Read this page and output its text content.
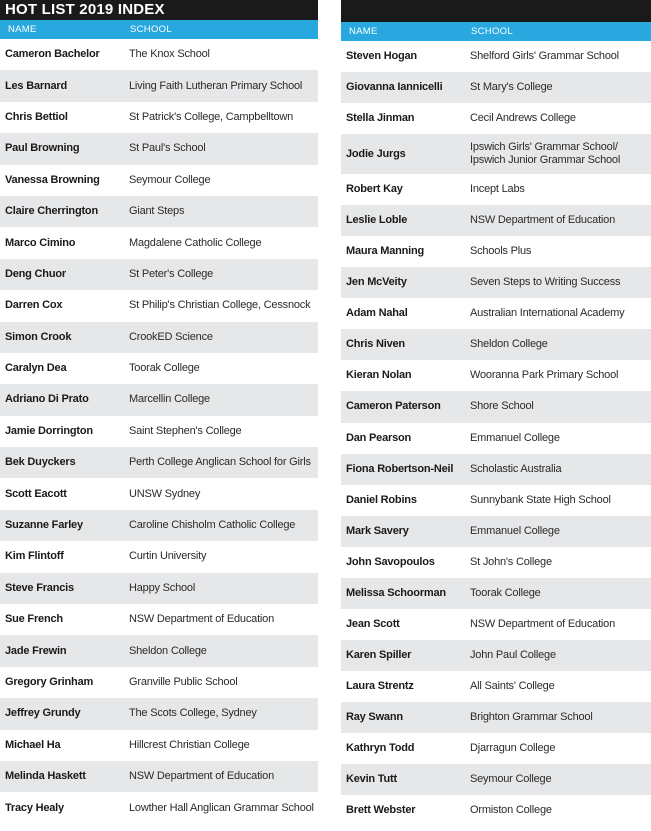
HOT LIST 2019 INDEX
NAME	SCHOOL
Cameron Bachelor	The Knox School
Les Barnard	Living Faith Lutheran Primary School
Chris Bettiol	St Patrick's College, Campbelltown
Paul Browning	St Paul's School
Vanessa Browning	Seymour College
Claire Cherrington	Giant Steps
Marco Cimino	Magdalene Catholic College
Deng Chuor	St Peter's College
Darren Cox	St Philip's Christian College, Cessnock
Simon Crook	CrookED Science
Caralyn Dea	Toorak College
Adriano Di Prato	Marcellin College
Jamie Dorrington	Saint Stephen's College
Bek Duyckers	Perth College Anglican School for Girls
Scott Eacott	UNSW Sydney
Suzanne Farley	Caroline Chisholm Catholic College
Kim Flintoff	Curtin University
Steve Francis	Happy School
Sue French	NSW Department of Education
Jade Frewin	Sheldon College
Gregory Grinham	Granville Public School
Jeffrey Grundy	The Scots College, Sydney
Michael Ha	Hillcrest Christian College
Melinda Haskett	NSW Department of Education
Tracy Healy	Lowther Hall Anglican Grammar School
NAME	SCHOOL
Steven Hogan	Shelford Girls' Grammar School
Giovanna Iannicelli	St Mary's College
Stella Jinman	Cecil Andrews College
Jodie Jurgs
Ipswich Girls' Grammar School/
Ipswich Junior Grammar School
Robert Kay	Incept Labs
Leslie Loble	NSW Department of Education
Maura Manning	Schools Plus
Jen McVeity	Seven Steps to Writing Success
Adam Nahal	Australian International Academy
Chris Niven	Sheldon College
Kieran Nolan	Wooranna Park Primary School
Cameron Paterson	Shore School
Dan Pearson	Emmanuel College
Fiona Robertson-Neil	Scholastic Australia
Daniel Robins	Sunnybank State High School
Mark Savery	Emmanuel College
John Savopoulos	St John's College
Melissa Schoorman	Toorak College
Jean Scott	NSW Department of Education
Karen Spiller	John Paul College
Laura Strentz	All Saints' College
Ray Swann	Brighton Grammar School
Kathryn Todd	Djarragun College
Kevin Tutt	Seymour College
Brett Webster	Ormiston College
